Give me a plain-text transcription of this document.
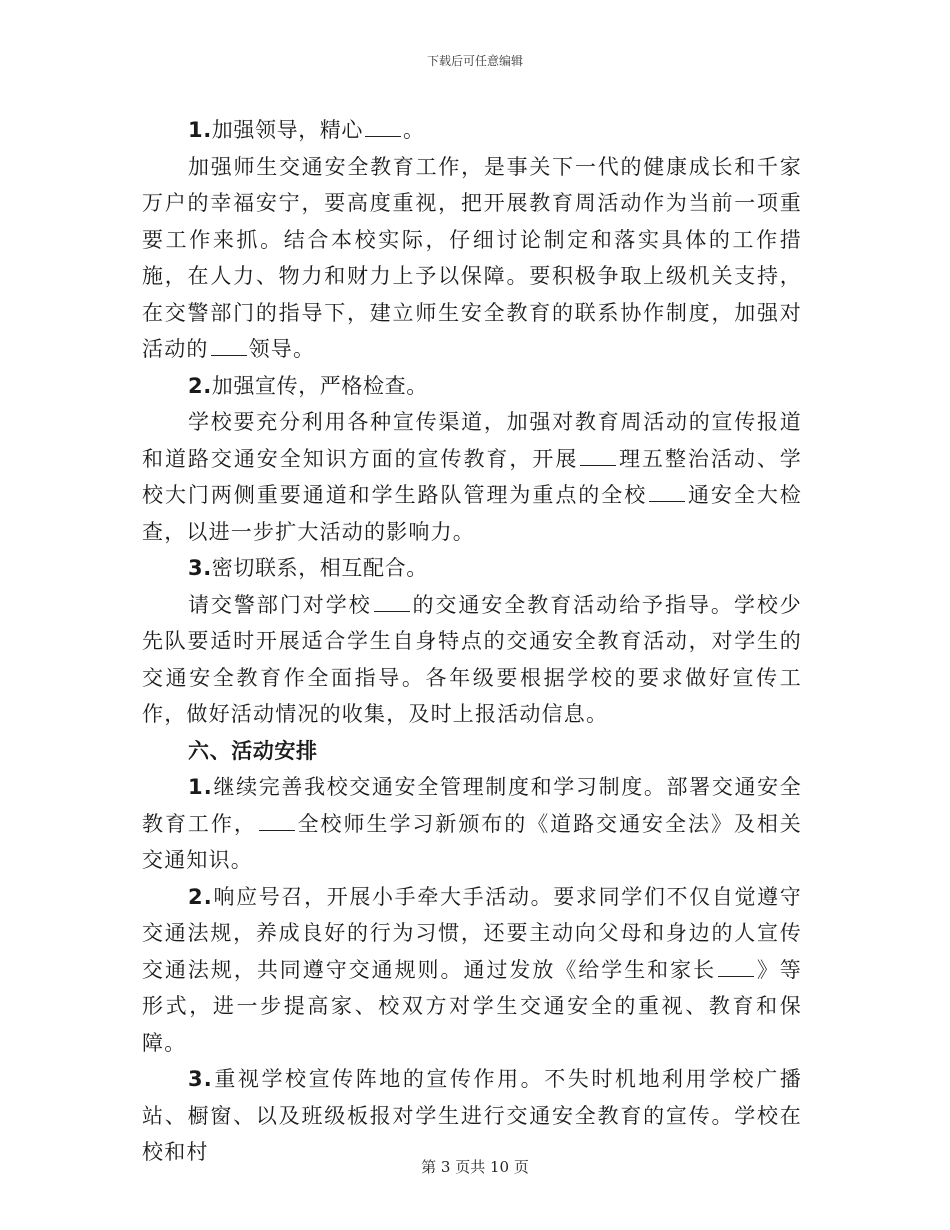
下载后可任意编辑

1.加强领导，精心 。

加强师生交通安全教育工作，是事关下一代的健康成长和千家万户的幸福安宁，要高度重视，把开展教育周活动作为当前一项重要工作来抓。结合本校实际，仔细讨论制定和落实具体的工作措施，在人力、物力和财力上予以保障。要积极争取上级机关支持，在交警部门的指导下，建立师生安全教育的联系协作制度，加强对活动的 领导。

2.加强宣传，严格检查。

学校要充分利用各种宣传渠道，加强对教育周活动的宣传报道和道路交通安全知识方面的宣传教育，开展 理五整治活动、学校大门两侧重要通道和学生路队管理为重点的全校 通安全大检查，以进一步扩大活动的影响力。

3.密切联系，相互配合。

请交警部门对学校 的交通安全教育活动给予指导。学校少先队要适时开展适合学生自身特点的交通安全教育活动，对学生的交通安全教育作全面指导。各年级要根据学校的要求做好宣传工作，做好活动情况的收集，及时上报活动信息。

六、活动安排

1.继续完善我校交通安全管理制度和学习制度。部署交通安全教育工作， 全校师生学习新颁布的《道路交通安全法》及相关交通知识。

2.响应号召，开展小手牵大手活动。要求同学们不仅自觉遵守交通法规，养成良好的行为习惯，还要主动向父母和身边的人宣传交通法规，共同遵守交通规则。通过发放《给学生和家长 》等形式，进一步提高家、校双方对学生交通安全的重视、教育和保障。

3.重视学校宣传阵地的宣传作用。不失时机地利用学校广播站、橱窗、以及班级板报对学生进行交通安全教育的宣传。学校在校和村

第 3 页共 10 页
